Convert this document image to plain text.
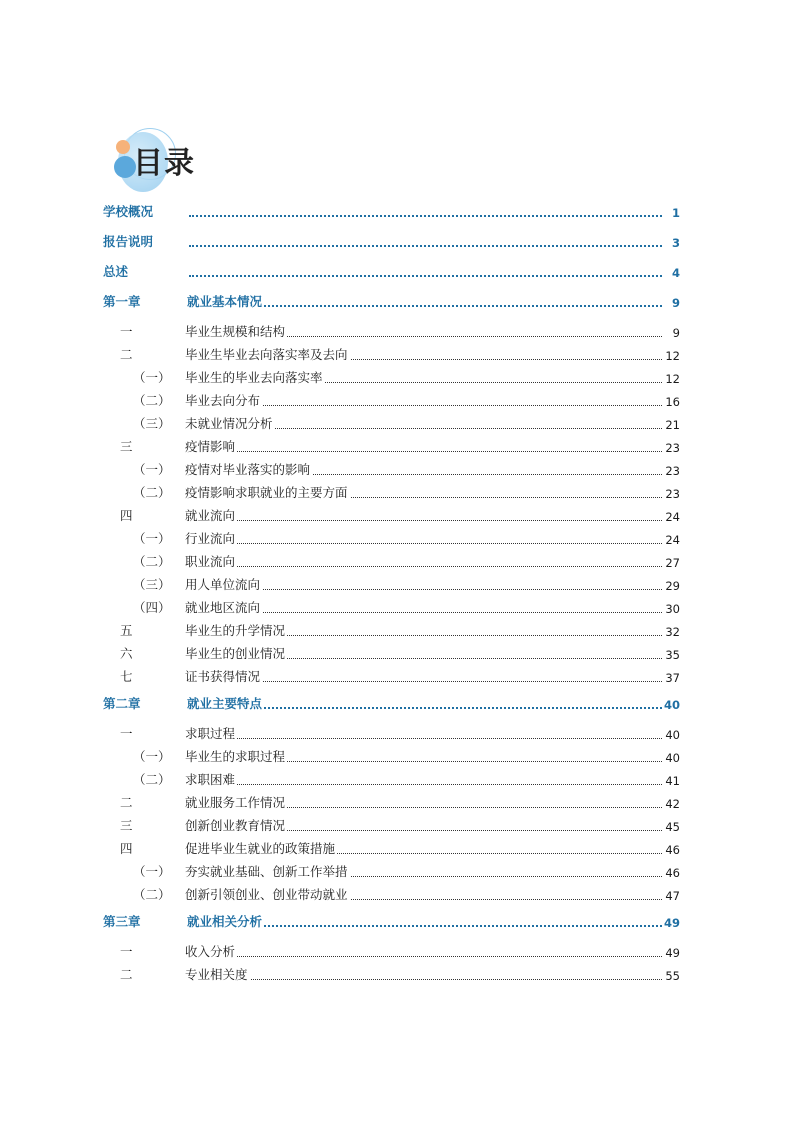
目录
学校概况	1
报告说明	3
总述	4
第一章	就业基本情况	9
一	毕业生规模和结构	9
二	毕业生毕业去向落实率及去向	12
（一） 毕业生的毕业去向落实率	12
（二） 毕业去向分布	16
（三） 未就业情况分析	21
三	疫情影响	23
（一） 疫情对毕业落实的影响	23
（二） 疫情影响求职就业的主要方面	23
四	就业流向	24
（一） 行业流向	24
（二） 职业流向	27
（三） 用人单位流向	29
（四） 就业地区流向	30
五	毕业生的升学情况	32
六	毕业生的创业情况	35
七	证书获得情况	37
第二章	就业主要特点	40
一	求职过程	40
（一） 毕业生的求职过程	40
（二） 求职困难	41
二	就业服务工作情况	42
三	创新创业教育情况	45
四	促进毕业生就业的政策措施	46
（一） 夯实就业基础、创新工作举措	46
（二） 创新引领创业、创业带动就业	47
第三章	就业相关分析	49
一	收入分析	49
二	专业相关度	55
